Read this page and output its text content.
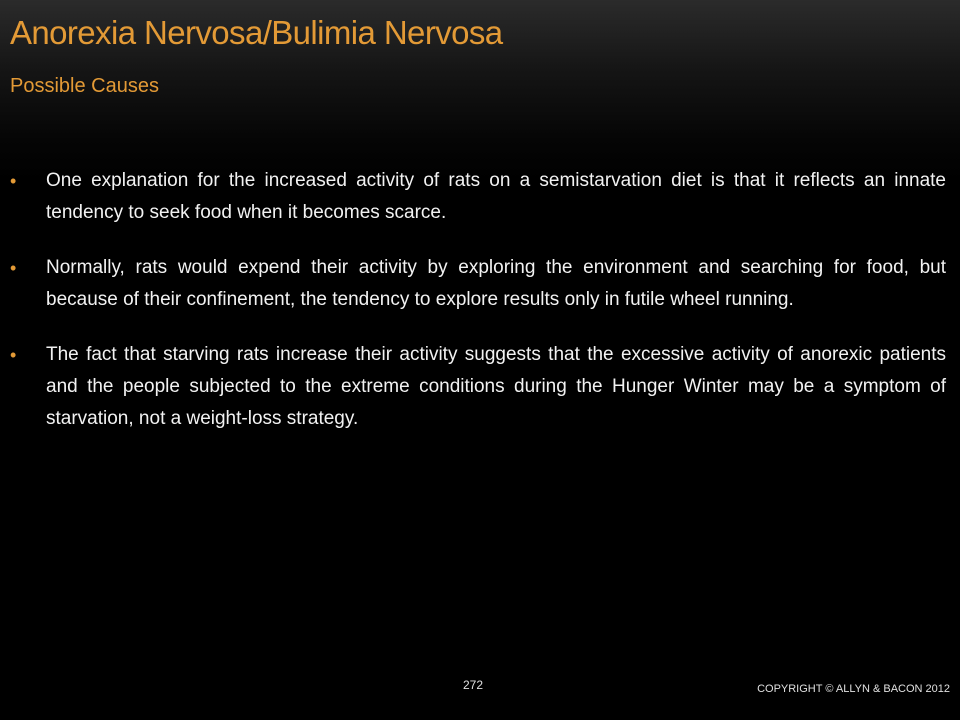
Anorexia Nervosa/Bulimia Nervosa
Possible Causes
• One explanation for the increased activity of rats on a semistarvation diet is that it reflects an innate tendency to seek food when it becomes scarce.
• Normally, rats would expend their activity by exploring the environment and searching for food, but because of their confinement, the tendency to explore results only in futile wheel running.
• The fact that starving rats increase their activity suggests that the excessive activity of anorexic patients and the people subjected to the extreme conditions during the Hunger Winter may be a symptom of starvation, not a weight-loss strategy.
272	COPYRIGHT © ALLYN & BACON 2012
